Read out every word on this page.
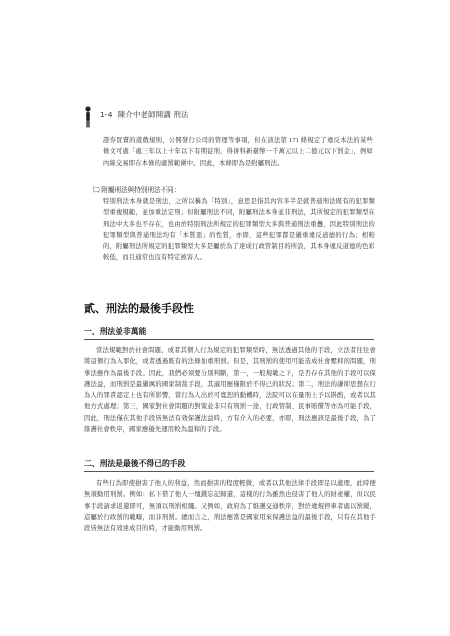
1-4 陳介中老師開講 刑法

證券買賣的遊戲規則，公開發行公司的管理等事項，但在該法第 171 條規定了違反本法的某些條文可處「處三年以上十年以下有期徒刑，得併科新臺幣一千萬元以上二億元以下罰金」，例如內線交易即在本條的處罰範圍中。因此，本條即為是附屬刑法。

㈡ 附屬刑法與特別刑法不同：

特別刑法本身就是刑法，之所以稱為「特別」，意思是指其內容多半是就普通刑法既有的犯罪類型重複規範，並加重法定刑；但附屬刑法不同，附屬刑法本身並非刑法，其所規定的犯罪類型在刑法中大多也不存在，也由於特別刑法所規定的犯罪類型大多與普通刑法重疊，因此特別刑法的犯罪類型與普通刑法均有「本質惡」的性質，亦即，這些犯罪都是嚴重違反道德的行為；相較的，附屬刑法所規定的犯罪類型大多是屬於為了達成行政管制目的所設，其本身違反道德的色彩較低，而且通常也沒有特定被害人。

貳、刑法的最後手段性
一、刑法並非萬能

當法規範對於社會問題，或者其個人行為規定的犯罪類型時，無法透過其他的手段，立法者往往會將這個行為入罪化，或者透過既有的法條加重刑罰。但是，其刑罰的使用可能造成社會壓抑的問題，刑事法應作為最後手段。因此，我們必須要分別判斷，第一，一般規範之下，是否存在其他的手段可以保護法益，而刑罰是最嚴厲的國家制裁手段，其適用應僅限於不得已的狀況；第二，刑法的謙抑思想在行為人的罪責認定上也有所影響，當行為人出於可寬恕的動機時，法院可以在量刑上予以斟酌，或者以其他方式處理；第三，國家對社會問題的對策並非只有刑罰一途，行政管制、民事賠償等亦為可能手段，因此，刑法僅在其他手段皆無法有效保護法益時，方有介入的必要，亦即，刑法應該是最後手段，為了維護社會秩序，國家應優先運用較為溫和的手段。

二、刑法是最後不得已的手段

有些行為即使損害了他人的利益，然而損害的程度輕微，或者以其他法律手段即足以處理，此時便無須動用刑罰。例如：私下借了他人一塊錢忘記歸還，這樣的行為雖然也侵害了他人的財產權，但以民事手段請求返還即可，無須以刑罰相繩。又例如，政府為了維護交通秩序，對於違規停車者處以罰鍰，這屬於行政罰的範疇，而非刑罰。總而言之，刑法應當是國家用來保護法益的最後手段，只有在其他手段皆無法有效達成目的時，才能動用刑罰。
